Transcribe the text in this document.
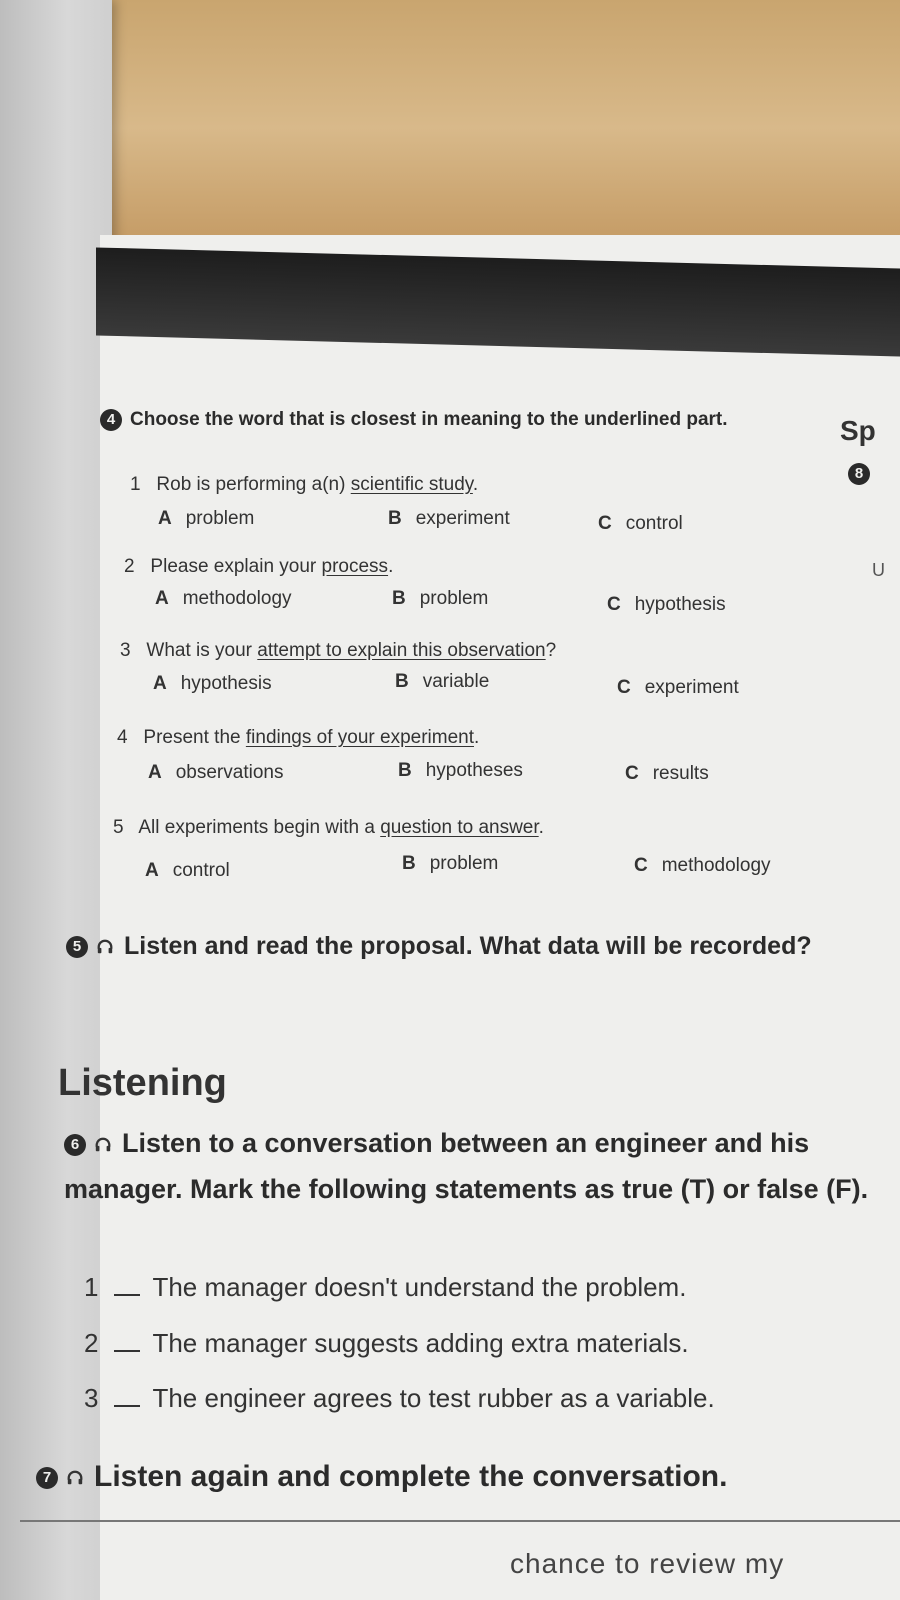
4 Choose the word that is closest in meaning to the underlined part.
1 Rob is performing a(n) scientific study.
A problem	B experiment	C control
2 Please explain your process.
A methodology	B problem	C hypothesis
3 What is your attempt to explain this observation?
A hypothesis	B variable	C experiment
4 Present the findings of your experiment.
A observations	B hypotheses	C results
5 All experiments begin with a question to answer.
A control	B problem	C methodology
5 Listen and read the proposal. What data will be recorded?
Listening
6 Listen to a conversation between an engineer and his manager. Mark the following statements as true (T) or false (F).
1 The manager doesn't understand the problem.
2 The manager suggests adding extra materials.
3 The engineer agrees to test rubber as a variable.
7 Listen again and complete the conversation.
chance to review my
Sp
8
U
